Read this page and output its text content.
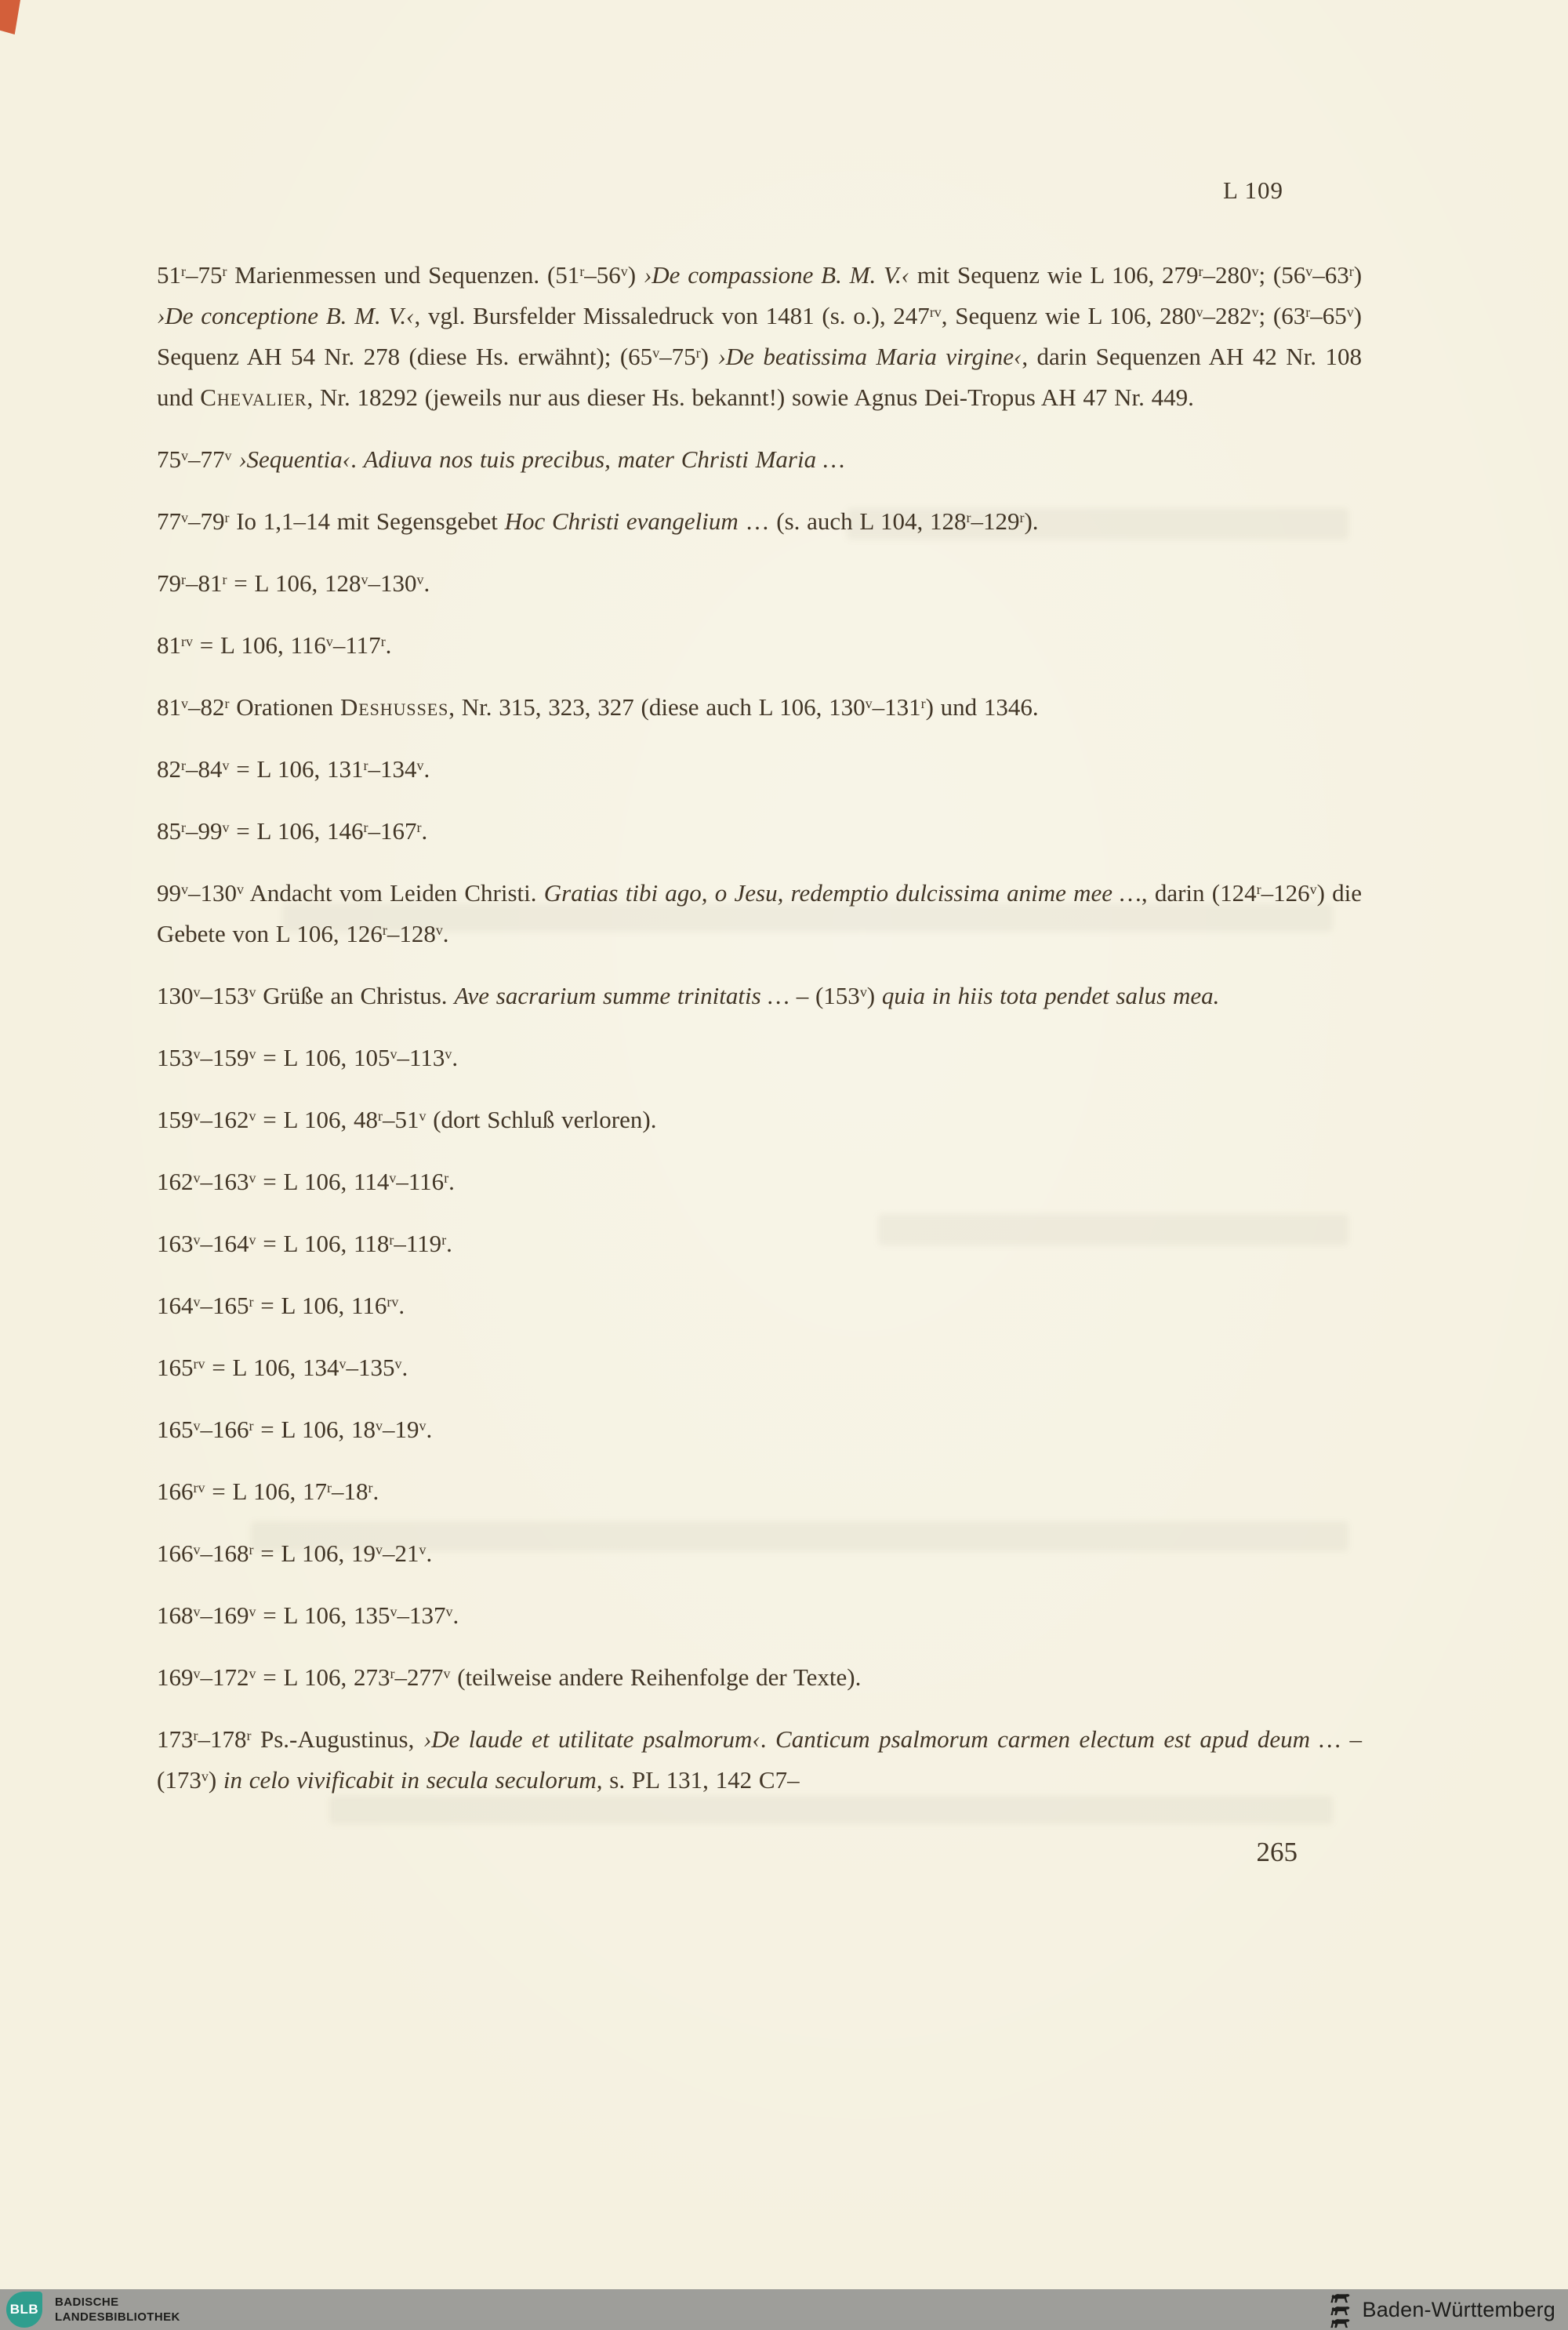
L 109

51$^r$–75$^r$ Marienmessen und Sequenzen. (51$^r$–56$^v$) ›De compassione B. M. V.‹ mit Sequenz wie L 106, 279$^r$–280$^v$; (56$^v$–63$^r$) ›De conceptione B. M. V.‹, vgl. Bursfelder Missaledruck von 1481 (s. o.), $247^{rv}$, Sequenz wie L 106, 280$^v$–282$^v$; (63$^r$–65$^v$) Sequenz AH 54 Nr. 278 (diese Hs. erwähnt); (65$^v$–75$^r$) ›De beatissima Maria virgine‹, darin Sequenzen AH 42 Nr. 108 und Chevalier, Nr. 18292 (jeweils nur aus dieser Hs. bekannt!) sowie Agnus Dei-Tropus AH 47 Nr. 449.

75$^v$–77$^v$ ›Sequentia‹. Adiuva nos tuis precibus, mater Christi Maria …

77$^v$–79$^r$ Io 1,1–14 mit Segensgebet Hoc Christi evangelium … (s. auch L 104, 128$^r$–129$^r$).

$79^r-81^r = L$ 106, 128$^v$–130$^v$.

$81^{rv} = L$ 106, 116$^v$–117$^r$.

81$^v$–82$^r$ Orationen Deshusses, Nr. 315, 323, 327 (diese auch L 106, 130$^v$–131$^r$) und 1346.

$82^r-84^v = L$ 106, 131$^r$–134$^v$.

$85^r-99^v = L$ 106, 146$^r$–167$^r$.

99$^v$–130$^v$ Andacht vom Leiden Christi. Gratias tibi ago, o Jesu, redemptio dulcissima anime mee …, darin (124$^r$–126$^v$) die Gebete von L 106, 126$^r$–128$^v$.

130$^v$–153$^v$ Grüße an Christus. Ave sacrarium summe trinitatis … – (153$^v$) quia in hiis tota pendet salus mea.

$153^v-159^v = L$ 106, 105$^v$–113$^v$.

$159^v-162^v = L$ 106, 48$^r$–51$^v$ (dort Schluß verloren).

$162^v-163^v = L$ 106, 114$^v$–116$^r$.

$163^v-164^v = L$ 106, 118$^r$–119$^r$.

$164^v-165^r = L$ 106, $116^{rv}$.

$165^{rv} = L$ 106, 134$^v$–135$^v$.

$165^v-166^r = L$ 106, 18$^v$–19$^v$.

$166^{rv} = L$ 106, 17$^r$–18$^r$.

$166^v-168^r = L$ 106, 19$^v$–21$^v$.

$168^v-169^v = L$ 106, 135$^v$–137$^v$.

$169^v-172^v = L$ 106, 273$^r$–277$^v$ (teilweise andere Reihenfolge der Texte).

173$^r$–178$^r$ Ps.-Augustinus, ›De laude et utilitate psalmorum‹. Canticum psalmorum carmen electum est apud deum … – (173$^v$) in celo vivificabit in secula seculorum, s. PL 131, 142 C7–

265
BLB	BADISCHE
LANDESBIBLIOTHEK	Baden-Württemberg
